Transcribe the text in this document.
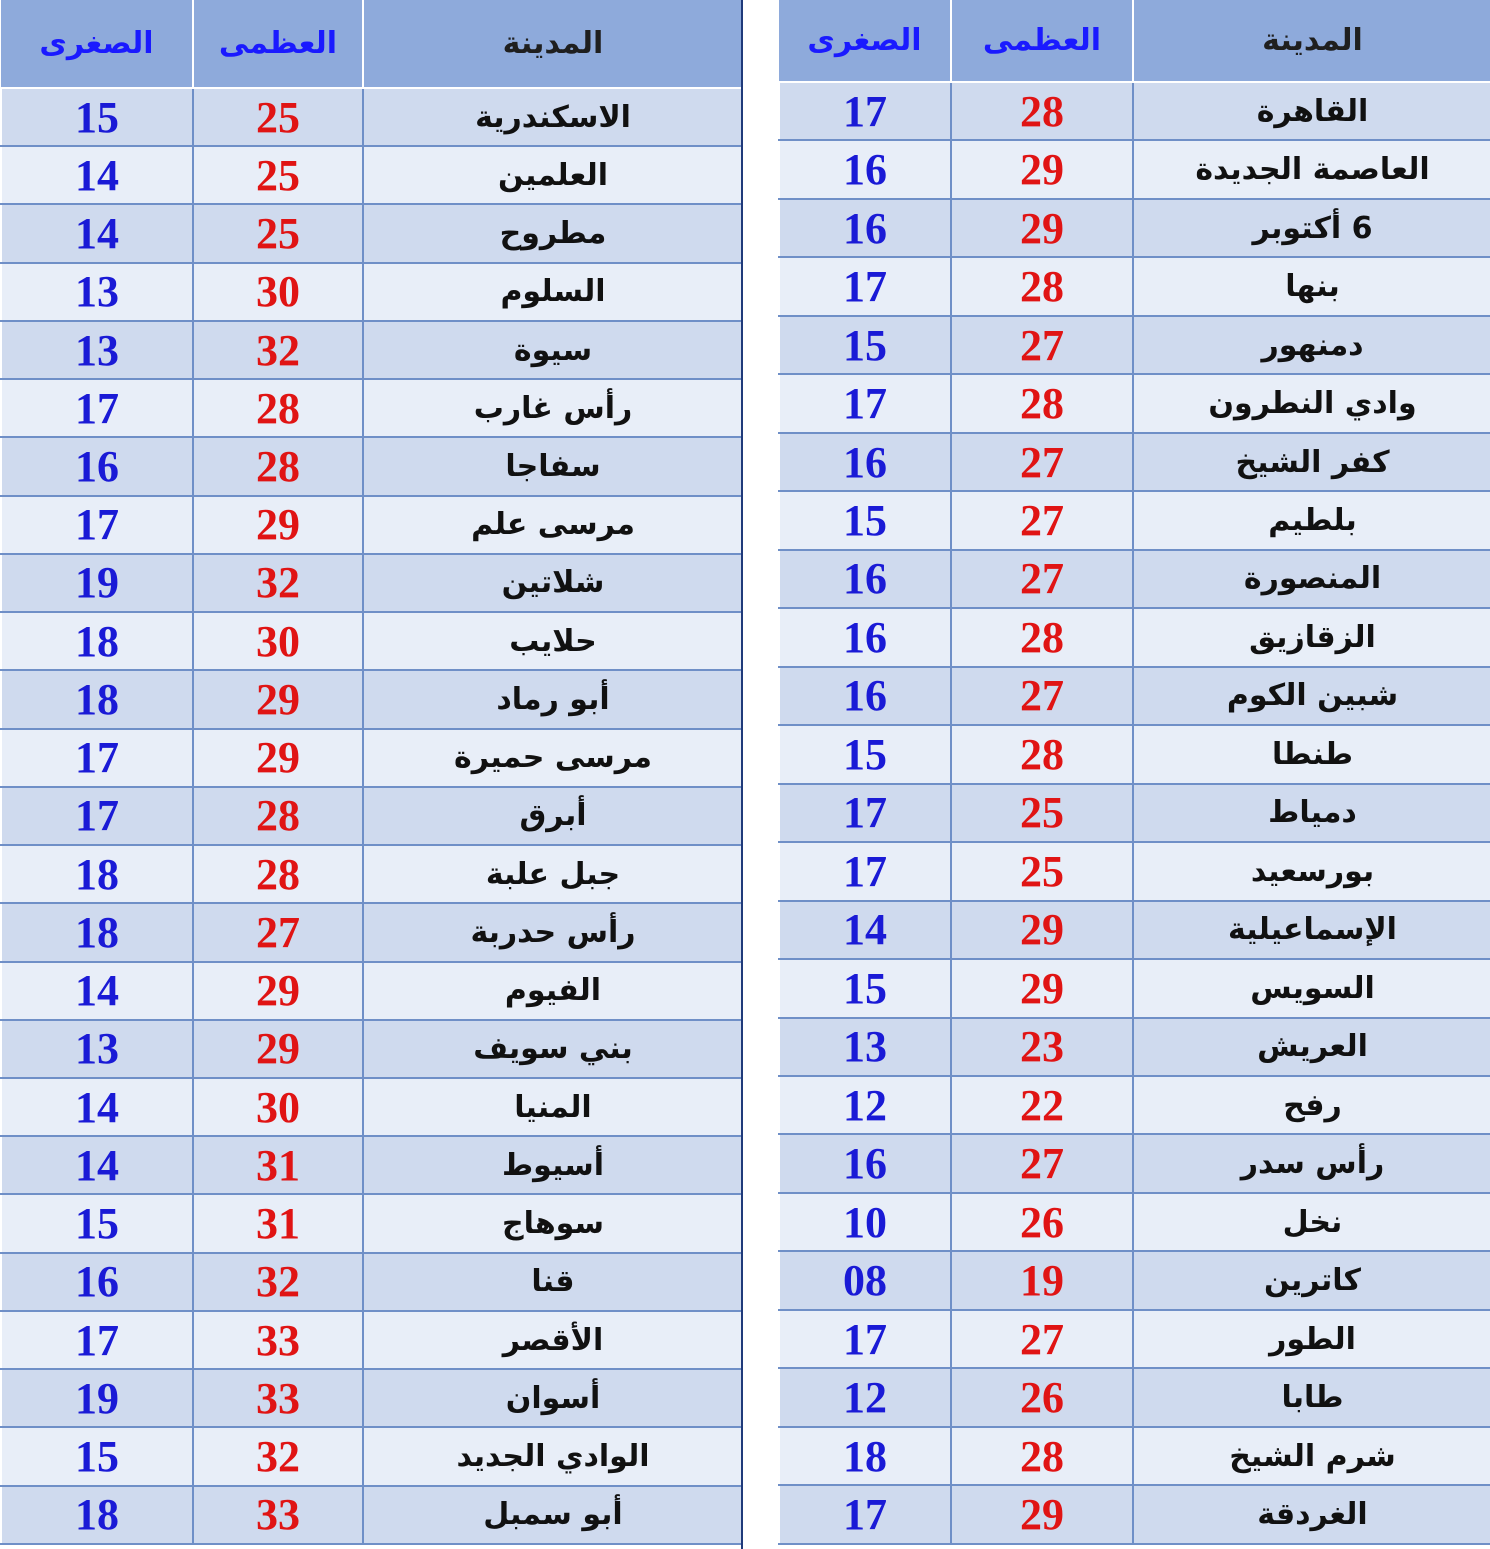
الصغرى	العظمى	المدينة
15	25	الاسكندرية
14	25	العلمين
14	25	مطروح
13	30	السلوم
13	32	سيوة
17	28	رأس غارب
16	28	سفاجا
17	29	مرسى علم
19	32	شلاتين
18	30	حلايب
18	29	أبو رماد
17	29	مرسى حميرة
17	28	أبرق
18	28	جبل علبة
18	27	رأس حدربة
14	29	الفيوم
13	29	بني سويف
14	30	المنيا
14	31	أسيوط
15	31	سوهاج
16	32	قنا
17	33	الأقصر
19	33	أسوان
15	32	الوادي الجديد
18	33	أبو سمبل
الصغرى	العظمى	المدينة
17	28	القاهرة
16	29	العاصمة الجديدة
16	29	6 أكتوبر
17	28	بنها
15	27	دمنهور
17	28	وادي النطرون
16	27	كفر الشيخ
15	27	بلطيم
16	27	المنصورة
16	28	الزقازيق
16	27	شبين الكوم
15	28	طنطا
17	25	دمياط
17	25	بورسعيد
14	29	الإسماعيلية
15	29	السويس
13	23	العريش
12	22	رفح
16	27	رأس سدر
10	26	نخل
08	19	كاترين
17	27	الطور
12	26	طابا
18	28	شرم الشيخ
17	29	الغردقة
